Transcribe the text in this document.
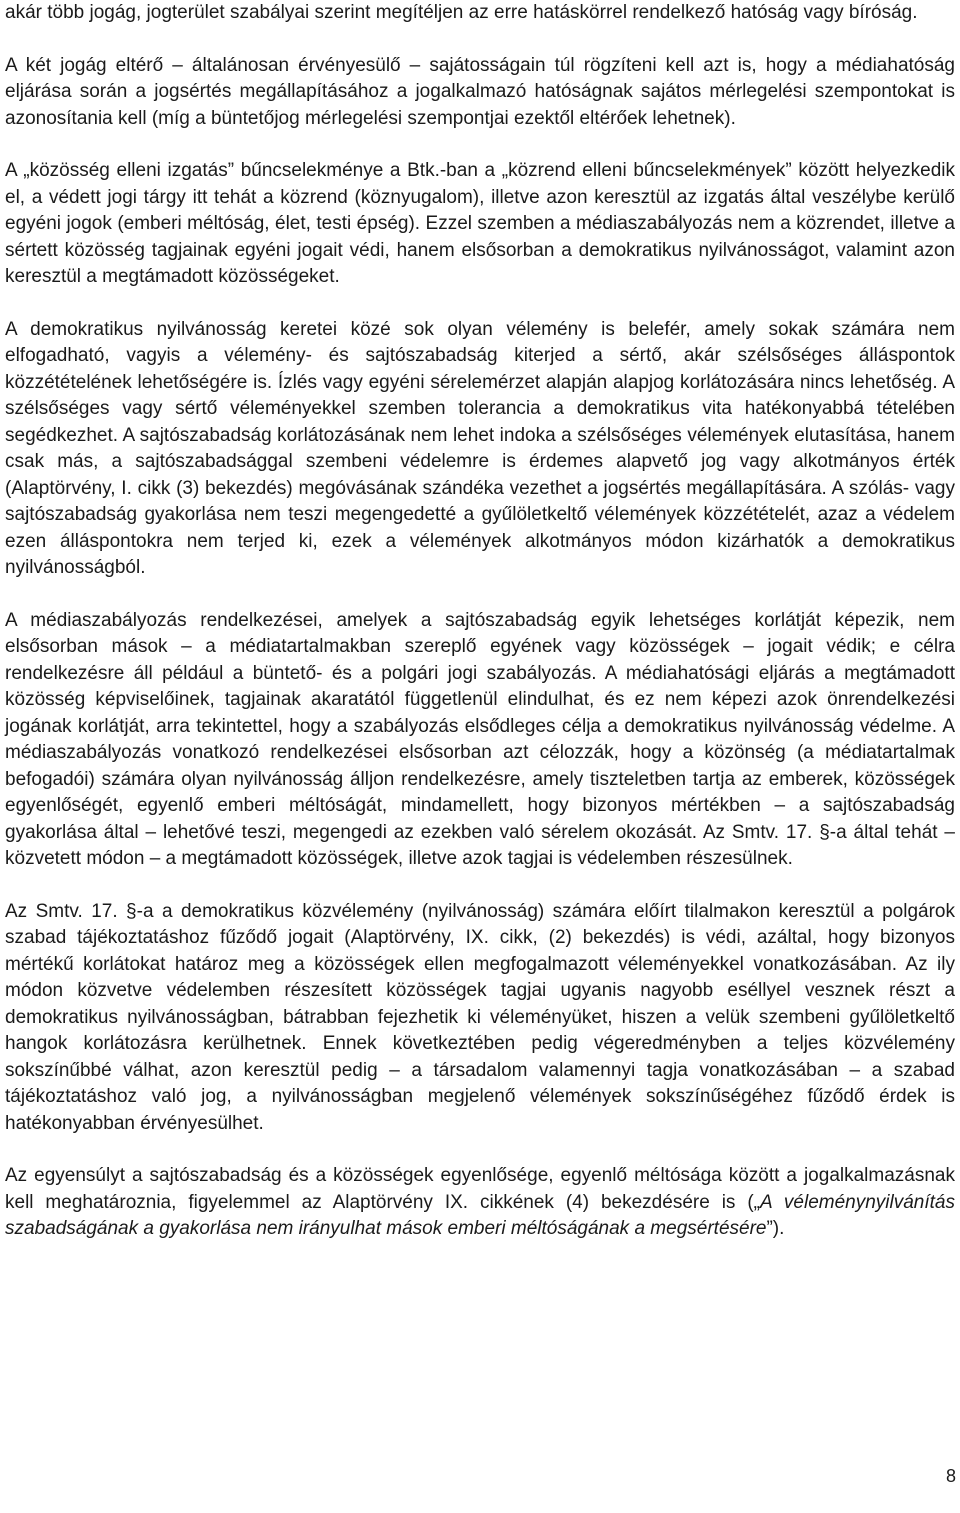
akár több jogág, jogterület szabályai szerint megítéljen az erre hatáskörrel rendelkező hatóság vagy bíróság.

A két jogág eltérő – általánosan érvényesülő – sajátosságain túl rögzíteni kell azt is, hogy a médiahatóság eljárása során a jogsértés megállapításához a jogalkalmazó hatóságnak sajátos mérlegelési szempontokat is azonosítania kell (míg a büntetőjog mérlegelési szempontjai ezektől eltérőek lehetnek).

A „közösség elleni izgatás” bűncselekménye a Btk.-ban a „közrend elleni bűncselekmények” között helyezkedik el, a védett jogi tárgy itt tehát a közrend (köznyugalom), illetve azon keresztül az izgatás által veszélybe kerülő egyéni jogok (emberi méltóság, élet, testi épség). Ezzel szemben a médiaszabályozás nem a közrendet, illetve a sértett közösség tagjainak egyéni jogait védi, hanem elsősorban a demokratikus nyilvánosságot, valamint azon keresztül a megtámadott közösségeket.

A demokratikus nyilvánosság keretei közé sok olyan vélemény is belefér, amely sokak számára nem elfogadható, vagyis a vélemény- és sajtószabadság kiterjed a sértő, akár szélsőséges álláspontok közzétételének lehetőségére is. Ízlés vagy egyéni sérelemérzet alapján alapjog korlátozására nincs lehetőség. A szélsőséges vagy sértő véleményekkel szemben tolerancia a demokratikus vita hatékonyabbá tételében segédkezhet. A sajtószabadság korlátozásának nem lehet indoka a szélsőséges vélemények elutasítása, hanem csak más, a sajtószabadsággal szembeni védelemre is érdemes alapvető jog vagy alkotmányos érték (Alaptörvény, I. cikk (3) bekezdés) megóvásának szándéka vezethet a jogsértés megállapítására. A szólás- vagy sajtószabadság gyakorlása nem teszi megengedetté a gyűlöletkeltő vélemények közzétételét, azaz a védelem ezen álláspontokra nem terjed ki, ezek a vélemények alkotmányos módon kizárhatók a demokratikus nyilvánosságból.

A médiaszabályozás rendelkezései, amelyek a sajtószabadság egyik lehetséges korlátját képezik, nem elsősorban mások – a médiatartalmakban szereplő egyének vagy közösségek – jogait védik; e célra rendelkezésre áll például a büntető- és a polgári jogi szabályozás. A médiahatósági eljárás a megtámadott közösség képviselőinek, tagjainak akaratától függetlenül elindulhat, és ez nem képezi azok önrendelkezési jogának korlátját, arra tekintettel, hogy a szabályozás elsődleges célja a demokratikus nyilvánosság védelme. A médiaszabályozás vonatkozó rendelkezései elsősorban azt célozzák, hogy a közönség (a médiatartalmak befogadói) számára olyan nyilvánosság álljon rendelkezésre, amely tiszteletben tartja az emberek, közösségek egyenlőségét, egyenlő emberi méltóságát, mindamellett, hogy bizonyos mértékben – a sajtószabadság gyakorlása által – lehetővé teszi, megengedi az ezekben való sérelem okozását. Az Smtv. 17. §-a által tehát – közvetett módon – a megtámadott közösségek, illetve azok tagjai is védelemben részesülnek.

Az Smtv. 17. §-a a demokratikus közvélemény (nyilvánosság) számára előírt tilalmakon keresztül a polgárok szabad tájékoztatáshoz fűződő jogait (Alaptörvény, IX. cikk, (2) bekezdés) is védi, azáltal, hogy bizonyos mértékű korlátokat határoz meg a közösségek ellen megfogalmazott véleményekkel vonatkozásában. Az ily módon közvetve védelemben részesített közösségek tagjai ugyanis nagyobb eséllyel vesznek részt a demokratikus nyilvánosságban, bátrabban fejezhetik ki véleményüket, hiszen a velük szembeni gyűlöletkeltő hangok korlátozásra kerülhetnek. Ennek következtében pedig végeredményben a teljes közvélemény sokszínűbbé válhat, azon keresztül pedig – a társadalom valamennyi tagja vonatkozásában – a szabad tájékoztatáshoz való jog, a nyilvánosságban megjelenő vélemények sokszínűségéhez fűződő érdek is hatékonyabban érvényesülhet.

Az egyensúlyt a sajtószabadság és a közösségek egyenlősége, egyenlő méltósága között a jogalkalmazásnak kell meghatároznia, figyelemmel az Alaptörvény IX. cikkének (4) bekezdésére is („A véleménynyilvánítás szabadságának a gyakorlása nem irányulhat mások emberi méltóságának a megsértésére”).

8
